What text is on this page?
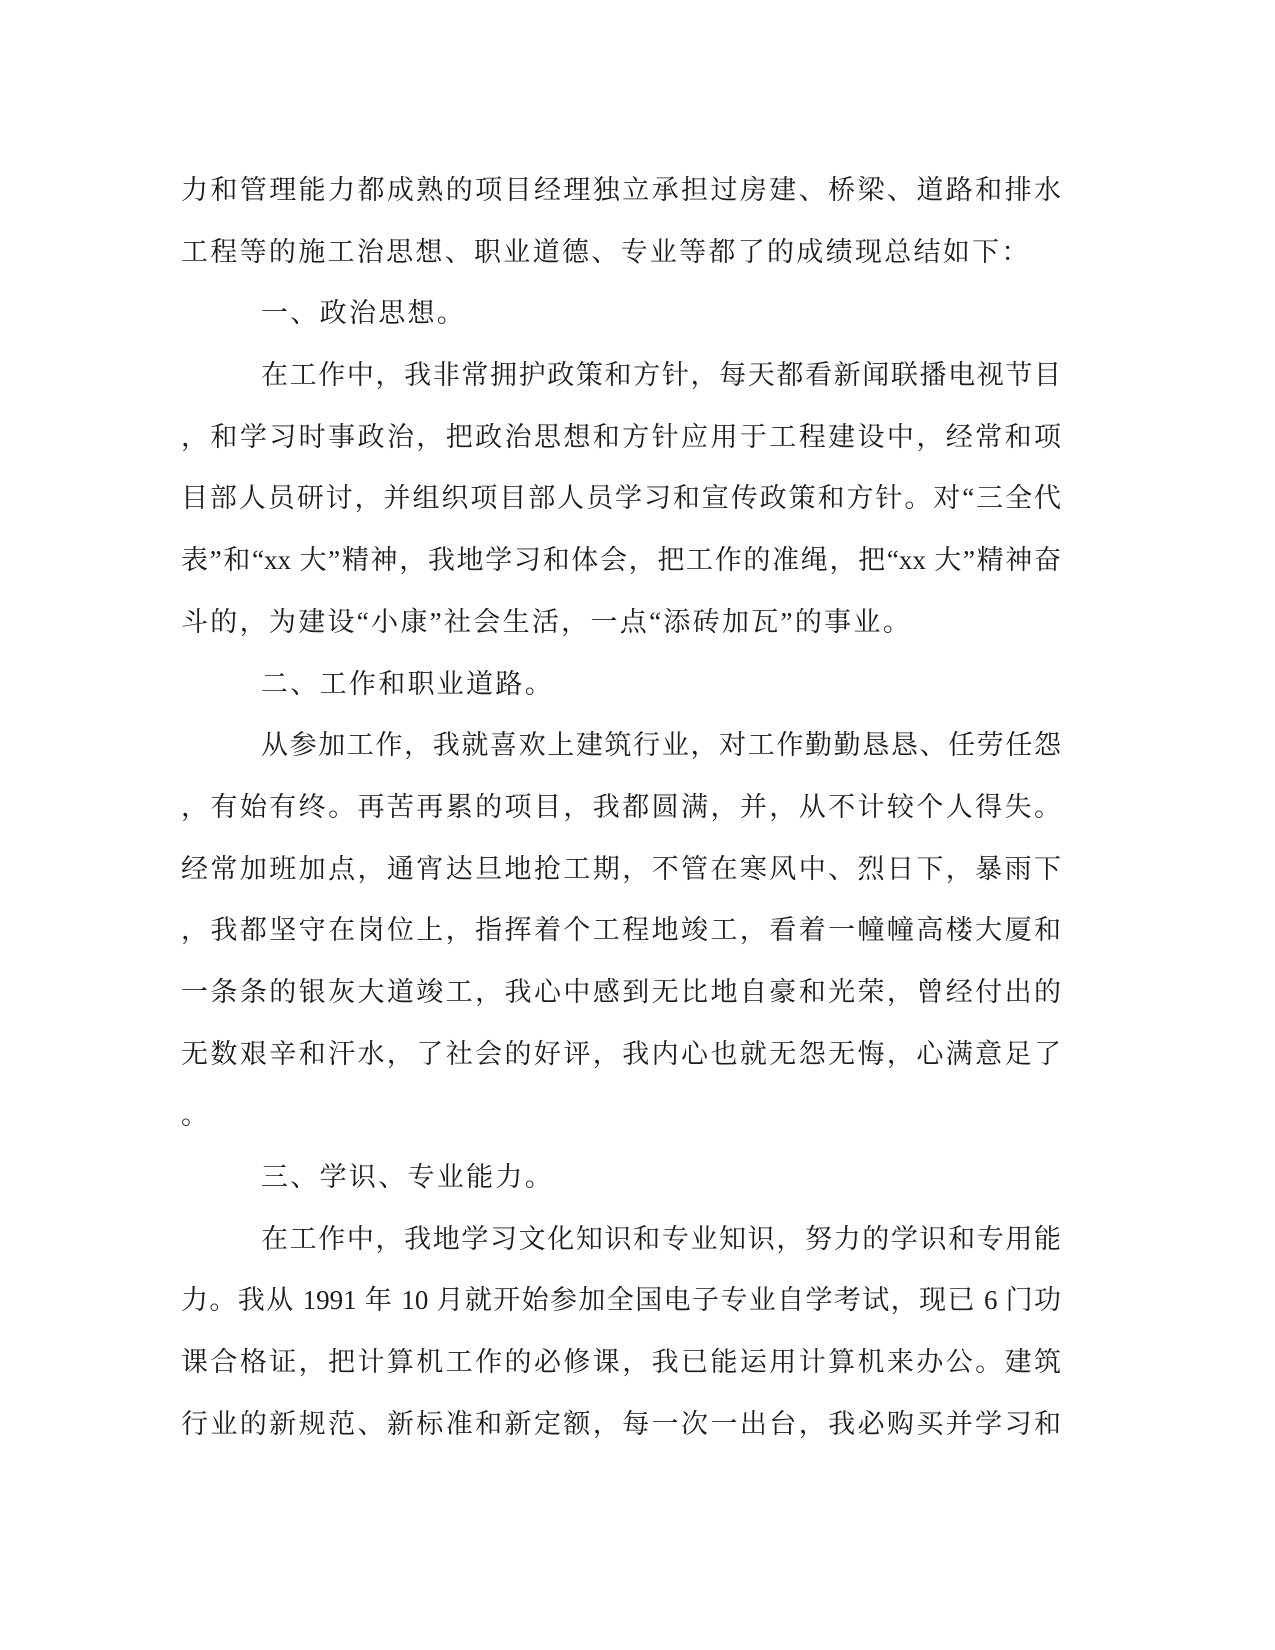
力和管理能力都成熟的项目经理独立承担过房建、桥梁、道路和排水
工程等的施工治思想、职业道德、专业等都了的成绩现总结如下：
一、政治思想。
在工作中，我非常拥护政策和方针，每天都看新闻联播电视节目
，和学习时事政治，把政治思想和方针应用于工程建设中，经常和项
目部人员研讨，并组织项目部人员学习和宣传政策和方针。对“三全代
表”和“xx 大”精神，我地学习和体会，把工作的准绳，把“xx 大”精神奋
斗的，为建设“小康”社会生活，一点“添砖加瓦”的事业。
二、工作和职业道路。
从参加工作，我就喜欢上建筑行业，对工作勤勤恳恳、任劳任怨
，有始有终。再苦再累的项目，我都圆满，并，从不计较个人得失。
经常加班加点，通宵达旦地抢工期，不管在寒风中、烈日下，暴雨下
，我都坚守在岗位上，指挥着个工程地竣工，看着一幢幢高楼大厦和
一条条的银灰大道竣工，我心中感到无比地自豪和光荣，曾经付出的
无数艰辛和汗水，了社会的好评，我内心也就无怨无悔，心满意足了
。
三、学识、专业能力。
在工作中，我地学习文化知识和专业知识，努力的学识和专用能
力。我从 1991 年 10 月就开始参加全国电子专业自学考试，现已 6 门功
课合格证，把计算机工作的必修课，我已能运用计算机来办公。建筑
行业的新规范、新标准和新定额，每一次一出台，我必购买并学习和
